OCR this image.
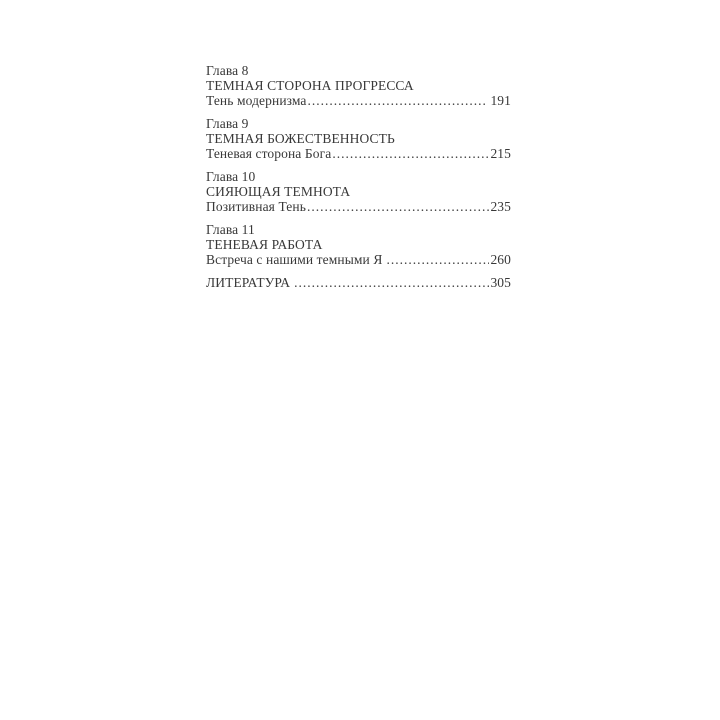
Глава 8
ТЕМНАЯ СТОРОНА ПРОГРЕССА
Тень модернизма .....	191
Глава 9
ТЕМНАЯ БОЖЕСТВЕННОСТЬ
Теневая сторона Бога .....	215
Глава 10
СИЯЮЩАЯ ТЕМНОТА
Позитивная Тень .....	235
Глава 11
ТЕНЕВАЯ РАБОТА
Встреча с нашими темными Я .....	260
ЛИТЕРАТУРА .....	305
